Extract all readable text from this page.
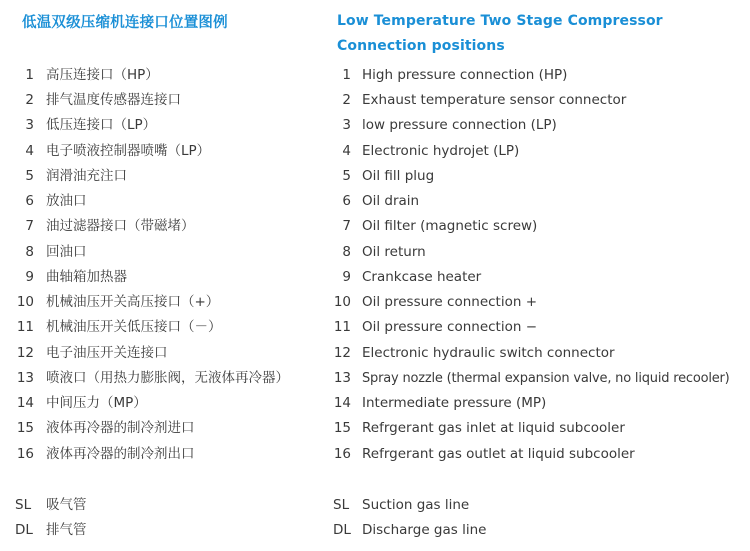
低温双级压缩机连接口位置图例
1 高压连接口（HP）
2 排气温度传感器连接口
3 低压连接口（LP）
4 电子喷液控制器喷嘴（LP）
5 润滑油充注口
6 放油口
7 油过滤器接口（带磁堵）
8 回油口
9 曲轴箱加热器
10 机械油压开关高压接口（+）
11 机械油压开关低压接口（－）
12 电子油压开关连接口
13 喷液口（用热力膨胀阀，无液体再冷器）
14 中间压力（MP）
15 液体再冷器的制冷剂进口
16 液体再冷器的制冷剂出口
SL 吸气管
DL 排气管
Low Temperature Two Stage Compressor Connection positions
1 High pressure connection (HP)
2 Exhaust temperature sensor connector
3 low pressure connection (LP)
4 Electronic hydrojet (LP)
5 Oil fill plug
6 Oil drain
7 Oil filter (magnetic screw)
8 Oil return
9 Crankcase heater
10 Oil pressure connection +
11 Oil pressure connection −
12 Electronic hydraulic switch connector
13 Spray nozzle (thermal expansion valve, no liquid recooler)
14 Intermediate pressure (MP)
15 Refrgerant gas inlet at liquid subcooler
16 Refrgerant gas outlet at liquid subcooler
SL Suction gas line
DL Discharge gas line
